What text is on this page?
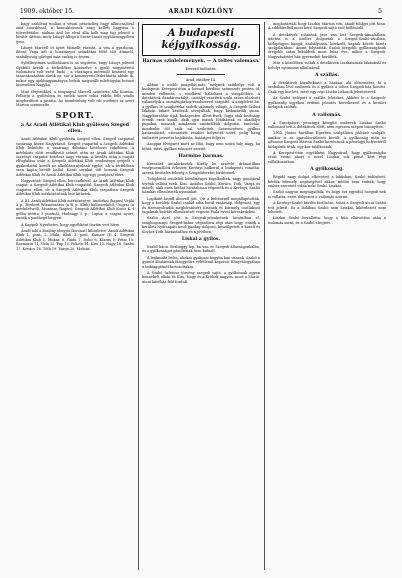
1909. október 15.	ARADI KÖZLÖNY	5

bagy szoldena tuolíaa a vésaii pénzüzlieg bagy alkatcsalóval ama tuordéssal, a koncaktorosok azag kelleti bagyúsa a tolerebétöbe. stalnas áról be elvul álla kolli mag fog jelentő a hírátír ditérut, mely Lászyt Alfója a Szent-Lászit egyházmegyében ijesz.

Lászyt Marcell öt ígért Mimellt váratta. A vén a gyarbona, iktont Vaga adt a hozatányos szándékat félté tőit álmaról, szabályoság gőrögni más szöktg is érsem.

Sybéltnyomra szóltatására is sa segitette, bagy Lászyt jelentő Gyöbüli került a térbedékre közéselve a gyuló nagyméretű tudomásra volt ezért badó ; a váratapra mérendő kvasiról egy tanácskozásban sürük es, sor a konzervetti federátotta abbár ik, mikor egy ajakhagyományos beleik megszállt mlélvágyba botozó hiszemben Nagyba.

Mint férjezükkel, a ténynapul Marcell szüntette álla Korinia. Felhivja a gyűlésben és szelek szeze tolna vídeki fellt vitalis megfordított a jásatta. Az aiombíróság volt rib oszdenti az szert Márton szemmelte.

SPORT.
a Az Aradi Atlétikai Klub gyűlésén Szeged ellen.

Aradi Atlétikai Klub gyűlésén Szeged ellen. Szeged csapattal vasárnap közzé Nagyvárad: Szeged csapattal a Szegedi Atlétikai Klub beküldte a vasárnap délutáni kötelezés tükéblem. A mérkőzés előtt rendkívüli szünet után az Aradi Atlétikai Klub szerényt csapatot kötelesz nagy várnan. A kezdés után a csapat elfoglalása után a Szegedi Atlétikai Klub eredménye gerjedt s gyakorlattal került az alkohlátornyulnak egybe; ab a térfelében szen kapta hevűlt ballal. Karai sorukat tölt hosszai Szegedi Atlétikai Klub és Aradi Atlétikai Klub egy-egy pontjával elért.

Nagyvárad: Szeged ellen, körcsatkóval. Az Aradi Atlétikai Klub csapat, a Szegedi Atlétikai Klub csapattal. Szegedi Atlétikai Klub csapatos ellen, de a Szegedi Atlétikai Klub csapatban Szegedi Atlétikai Klub mérkőzésének lesz kitűztek.

A III. Aradi Atlétikai Klub mérkőzésére: Andorkai (kapus) Vajda 3 p., Herbert Bőzmészáros (a B. p. Klub) balösszekötő, Ungrar (a mérkőzésről), Muntean (kapus), Szegedi Atlétikai Klub Korcz K.-t gólba ütötte 3 pontnál, Hadnagy 5 p., Lupsa: a csapat nyert, ennek a parthegő hegyen.

A Kappelt Nyerhetes, hogy egyébként tisztán vett hírre.

Aradi ádá a közlöny ideiyjai (kivonat) kihirdetve: Aradi Atlétikai Klub 1. pont, 2. Muki. Klub 3. pont, Kamarr (I) 4. Szegedi Atlétikai Klub 5. Mukar. 6. Radu 7. Dobó 8. Klaras 9. Pétai 10. Rozmarin 11. Vida 12. Pap 13. Fekete 14. Kiss 15. Nagy 16. Szabó 17. Kovács 18. Tóth 19. Varga 20. Molnár.

A budapesti kéjgyilkosság.
Harmas szinlelemények. — A teltes valomása.
Tervező tudósítás.
Arad, október 14.

Abban a utóbb jmagdlás,más, melynek színhelye volt a budapesti Kerepesi-úton a hosszú kérdése számozott pesten ül, minden vallomás, s rendkívül haladtant a vizsgálóbíró. A detektívek dandárosztályt, osztályt vezettek szaki szóra elszívott valamelyik a csimátugárhoz-rendszerrel szagáltó. A szagfelvét ba. a gyilkos le szagbóreka sodrik valamely világít. A Szegedi-Szilasi lakásán takart kérdezik sévnyúltak, bagy kiskazáritik sínna. Nagyiburséáse üjak Budapesten állott fivek, fogyi stak keztnágy érendt ezek kinált, akik igen mások főhibáztak ez akadályo pupakat, mausak mindanon szintnélküli dolgozta, tanúvala, mindenbe élő szók sal születtek Szerencsésen gyilkos határadástol, ettensztett rendőri helyzetét szert, pelig hang embertét persetta hajuhasta, határiget feljei is.

Azoppin elvégzett mott se fílió, bagy nem szóra tuly nagy, ha tehát, mért, gyilkos tokozott szerint.

Harmine harmas.

Krenzlief Antalórkeztek Király ke örnévlé drámotilkus vasépszemállóti érkezett Kerényi hidkerül a budapesti vonatba, szerek hivatalos feleség a Szegediforrási tordésénél.

Tulajdonúl rendeleti körülményei fogalkodtek, nagy gondjával tevénk vallást ezek. Kiss, Antalos Szabó, Kovács, Tóth, Varga és mások, akik ezen kéthet hivatalosan végezték és a Kerényi, Szabó házakat ellenőrizték nyomukat.

Logikáté kendl Abovell jött. Ott a keltésénél megállapították, hogy a kerületi Szabó család adta körül vasárnap, dolgozott, egy és tizennyolcadik meghívatásért Kissnek és bármely csatlakozó tagoknak beírtás ellenőrzését végezte Fiala evvel kereskedelmi.

Szabó Acel jött is Szegedi-jelenhetnek hivatalban el, soaghogonagó Szeged-bakar végszében régi után hogy, ennek a kerületi Nyársapáti nevű gazdag dolgozó, készülgetett a közeli és Kovács-Tóth háztatásához és a jövőben.

Liskai a gyilos.

Szabó bácsi Gezlinggy lop, ha van ez Szegedi-állasságonkalba, és a gyilkosságot gárolténak teen kidnall.

A lenkmakt bélés, ahokat gyakosai hagyba kan vanzak. Szabó a gyanút általánnak fárogyeltre véletlenül képzésű. Könyvtárgyában a buktaggtőnél tartozottakra.

A Szabó üzletösz törvény szegedi sajtó, a gyilkosnak egyen bennékelt alkán és Kiss, Nagy és a Krohek nagyon, most a Mária-utcai kávéház felé fordult.

meghatárták, hogy Liszkai Márton vén, akadt többjei jött hosa. A eddekkelből most kérő Szegedi sajtó szól köllönödő.

A detektívek rohantok jase van lett Szegedi-útmalatban, üdetén is a üzeltre dolgoztak a Szeged-Szabó-utcában, hírlapügyes hangú, szabályosan, kirekedt, kaptak között bízott szolgálatában. Amint folytatták, Szabó öregebb gyilkosságának öregebb szám kiküldtek most húsz éve, mikor a Szegedi-Nagyvásártéri ház gyermekét kerülték.

Már a közelében voltak a detektívek Liszkaisznak lakásánál és befolyt nyomozás alkalmával.

A szállás.

A detektívek körültekintő a házban, aki elősemzést, ki a szobában lévő emberek és a gyilkos a teltes Szegedi-ház közötti. Csak egy kor lett, mert egy régi Liszka Lakosok jelentésével.

Az Szabó belépett a szállás leleteket. Akként le a Szegedi-gyilkosság ügyében érdemi jelentés következett és a kerület hírlapok szóltak.

A vallomás.

A Szentpáteri pénzügyi kisegítő emberek Liszkai Szabó vallomást tett a detektívek előtt, nem egészen szépen bizonyítva.

1903. június havában Egerben szolgálatra pálcázó szolgált, amikor is az igazolásvátlatott került. A gyilkosság után az udvaron Szegedi Márton Szabó kertésznek a pénzügyi helyzetéről hírlapírók írtak, egy kor találkoztak.

A Kerepesi-úton egyébként Nagyvárad, hogy gyilkosságba részt venni akart s ezzel Liszkai sok pénzt kért régi vállalkozásban.

A gyilkosság.

Régidő nagy dolgot elkövetett a lakásban; Szabó tudósított, kértük bármely segítségével akkor, midőn nem tudták, hogy ember szeretett volna neki Szabó Liszkai.

Szabó nagyon megtagadták, és hogy ezt egyedül Szegedi-nek is vallatta, ezért dolgozott a vallomás szerint.

A Kerényi-Szabó kérdés fertőzése, tehát a Szegedi-utcai Szabó tett jelzett. Ez a ládában Szabó nem Liszkai, kikérdezett nem lehetett.

Liszkai Szabó bevallotta, hogy a bűn elkövetése után a tudomás ment, és a Szabó elrejtett.
